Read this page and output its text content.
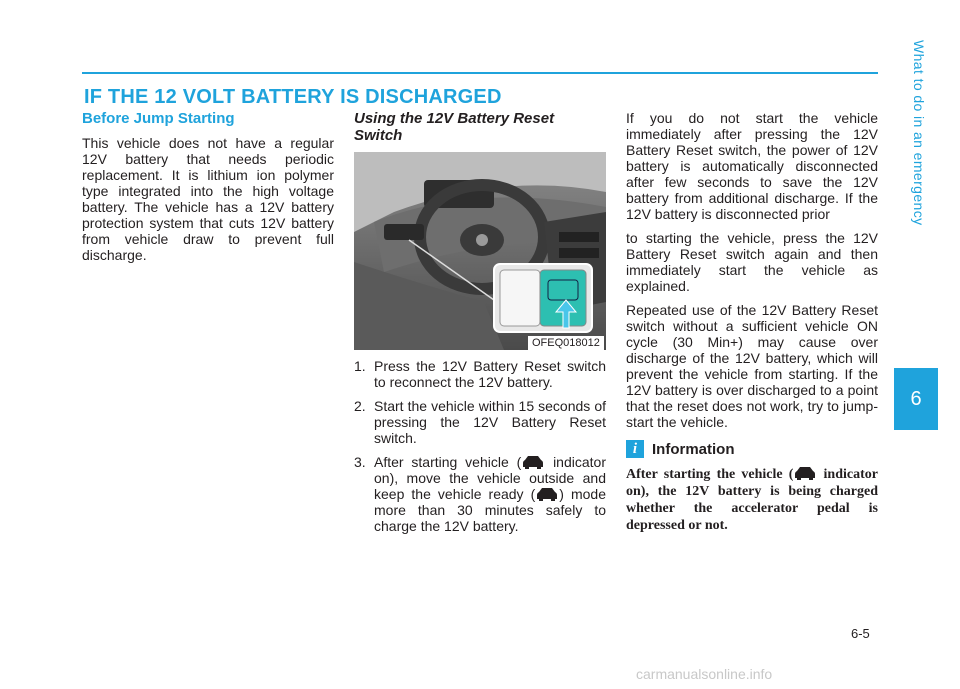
IF THE 12 VOLT BATTERY IS DISCHARGED	What to do in an emergency
6
Before Jump Starting

This vehicle does not have a regular 12V battery that needs periodic replacement. It is lithium ion polymer type integrated into the high voltage battery. The vehicle has a 12V battery protection system that cuts 12V battery from vehicle draw to prevent full discharge.

Using the 12V Battery Reset Switch
OFEQ018012
1. Press the 12V Battery Reset switch to reconnect the 12V battery.
2. Start the vehicle within 15 seconds of pressing the 12V Battery Reset switch.
3. After starting vehicle ( indicator on), move the vehicle outside and keep the vehicle ready ( ) mode more than 30 minutes safely to charge the 12V battery.

If you do not start the vehicle immediately after pressing the 12V Battery Reset switch, the power of 12V battery is automatically disconnected after few seconds to save the 12V battery from additional discharge. If the 12V battery is disconnected prior

to starting the vehicle, press the 12V Battery Reset switch again and then immediately start the vehicle as explained.

Repeated use of the 12V Battery Reset switch without a sufficient vehicle ON cycle (30 Min+) may cause over discharge of the 12V battery, which will prevent the vehicle from starting. If the 12V battery is over discharged to a point that the reset does not work, try to jump-start the vehicle.

i Information

After starting the vehicle ( indicator on), the 12V battery is being charged whether the accelerator pedal is depressed or not.

6-5
carmanualsonline.info
